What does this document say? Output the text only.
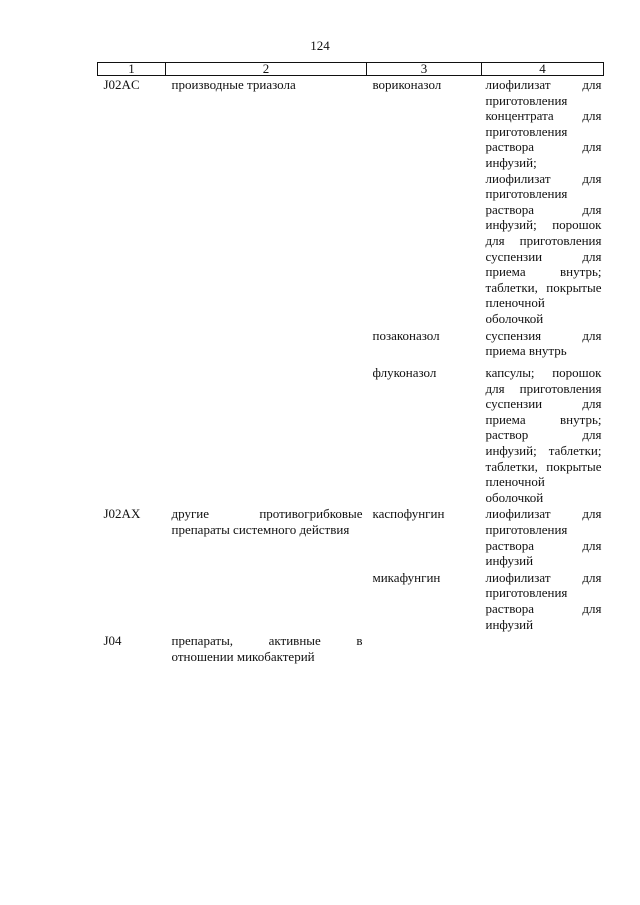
124
1	2	3	4
J02AC	производные триазола	вориконазол	лиофилизат для приготовления концентрата для приготовления раствора для инфузий; лиофилизат для приготовления раствора для инфузий; порошок для приготовления суспензии для приема внутрь; таблетки, покрытые пленочной оболочкой
		позаконазол	суспензия для приема внутрь
		флуконазол	капсулы; порошок для приготовления суспензии для приема внутрь; раствор для инфузий; таблетки; таблетки, покрытые пленочной оболочкой
J02AX	другие противогрибковые препараты системного действия	каспофунгин	лиофилизат для приготовления раствора для инфузий
		микафунгин	лиофилизат для приготовления раствора для инфузий
J04	препараты, активные в отношении микобактерий		
